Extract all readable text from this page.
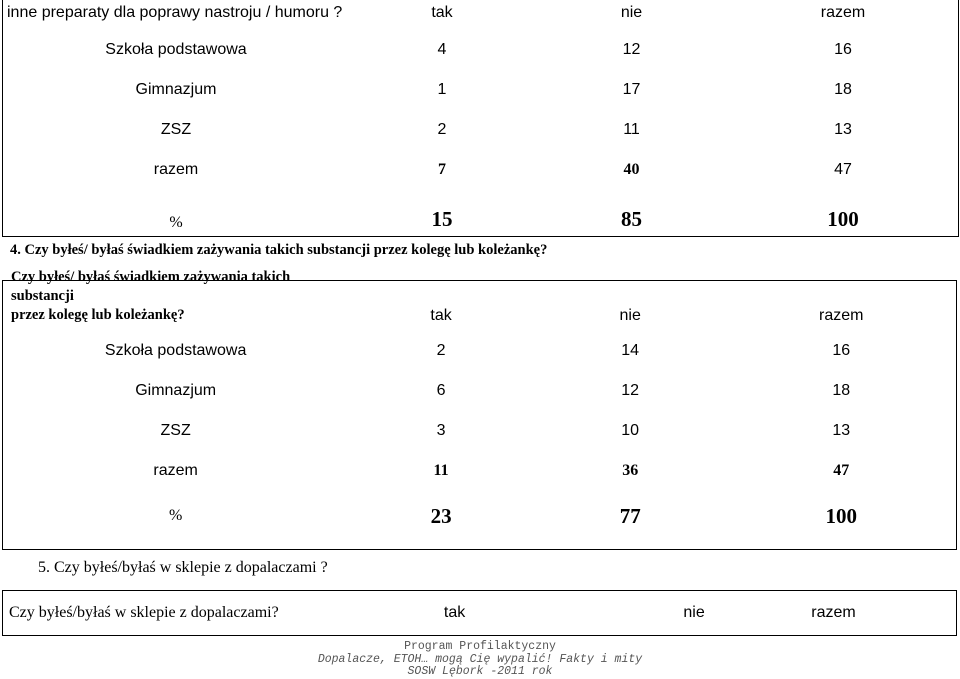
inne preparaty dla poprawy nastroju / humoru ?	tak	nie	razem
Szkoła podstawowa	4	12	16
Gimnazjum	1	17	18
ZSZ	2	11	13
razem	7	40	47
%	15	85	100
4. Czy byłeś/ byłaś świadkiem zażywania takich substancji przez kolegę lub koleżankę?
Czy byłeś/ byłaś świadkiem zażywania takich substancji
przez kolegę lub koleżankę?	tak	nie	razem
Szkoła podstawowa	2	14	16
Gimnazjum	6	12	18
ZSZ	3	10	13
razem	11	36	47
%	23	77	100
5. Czy byłeś/byłaś w sklepie z dopalaczami ?
Czy byłeś/byłaś w sklepie z dopalaczami?	tak	nie	razem
Program Profilaktyczny
Dopalacze, ETOH… mogą Cię wypalić! Fakty i mity
SOSW Lębork -2011 rok
